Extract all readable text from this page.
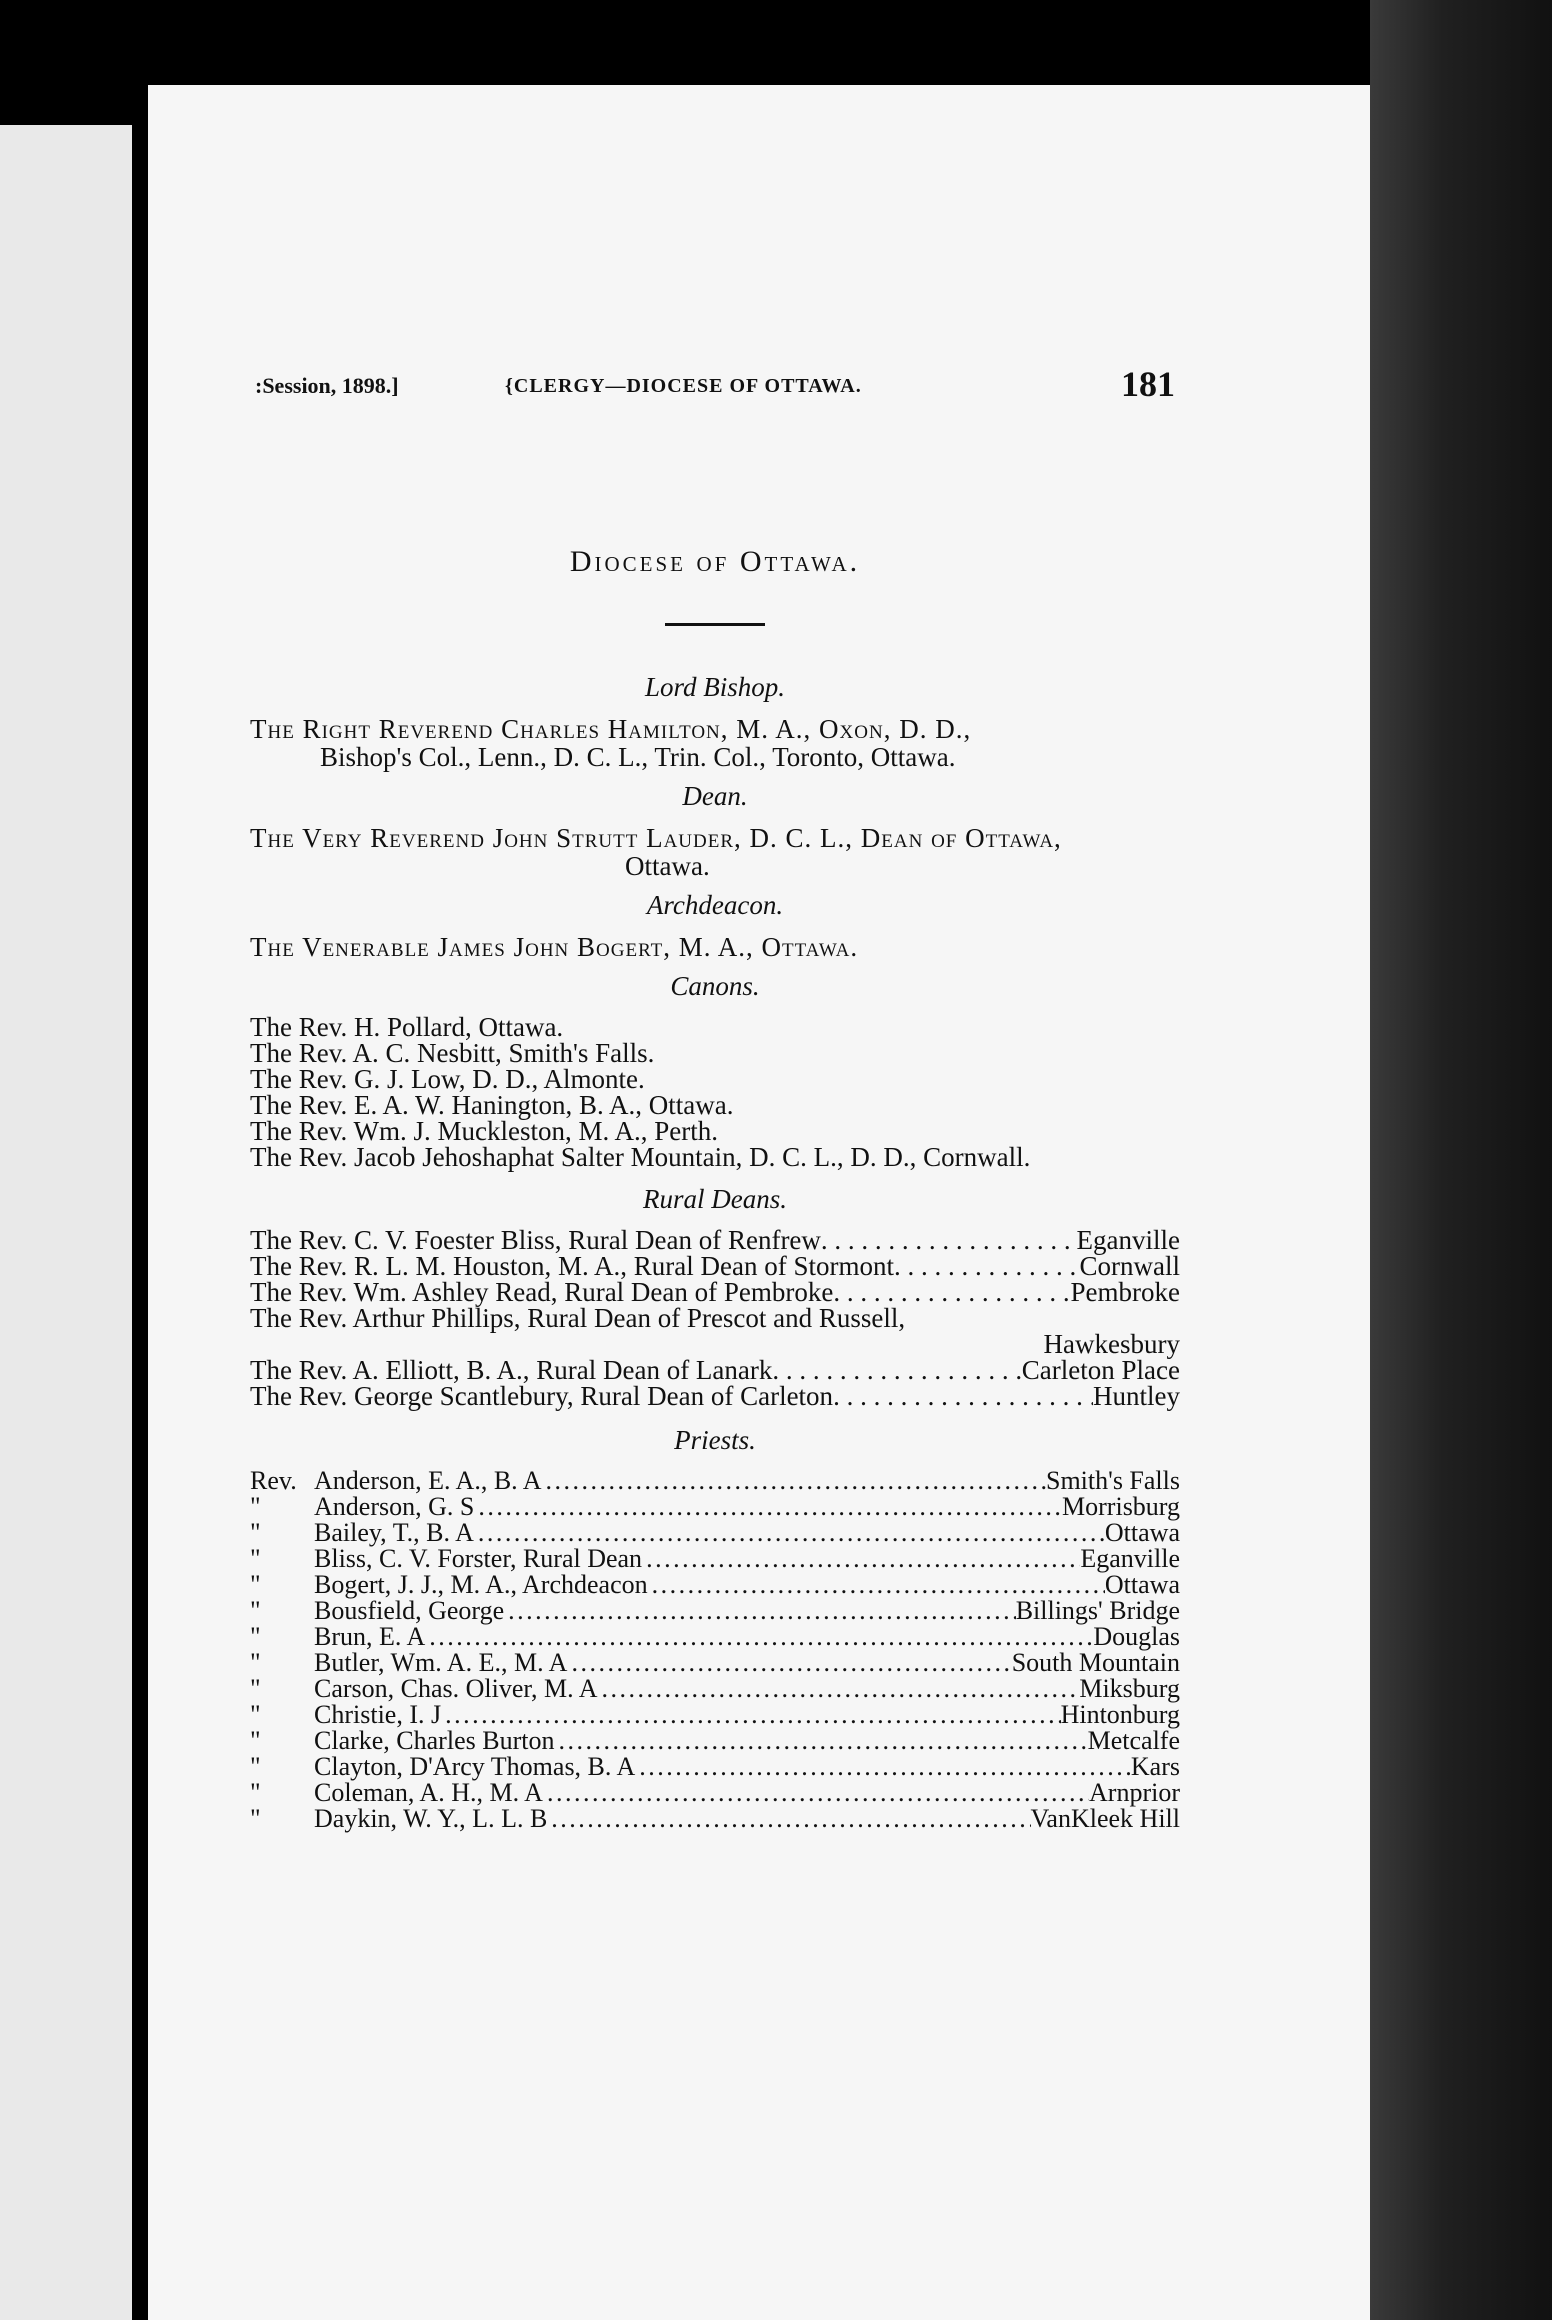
:Session, 1898.]	{CLERGY—DIOCESE OF OTTAWA.	181
Diocese of Ottawa.
Lord Bishop.
The Right Reverend Charles Hamilton, M. A., Oxon, D. D.,
Bishop's Col., Lenn., D. C. L., Trin. Col., Toronto, Ottawa.
Dean.
The Very Reverend John Strutt Lauder, D. C. L., Dean of Ottawa,
Ottawa.
Archdeacon.
The Venerable James John Bogert, M. A., Ottawa.
Canons.
The Rev. H. Pollard, Ottawa.
The Rev. A. C. Nesbitt, Smith's Falls.
The Rev. G. J. Low, D. D., Almonte.
The Rev. E. A. W. Hanington, B. A., Ottawa.
The Rev. Wm. J. Muckleston, M. A., Perth.
The Rev. Jacob Jehoshaphat Salter Mountain, D. C. L., D. D., Cornwall.
Rural Deans.
The Rev. C. V. Foester Bliss, Rural Dean of Renfrew . . .	Eganville
The Rev. R. L. M. Houston, M. A., Rural Dean of Stormont . . .	Cornwall
The Rev. Wm. Ashley Read, Rural Dean of Pembroke . . .	Pembroke
The Rev. Arthur Phillips, Rural Dean of Prescot and Russell,
Hawkesbury
The Rev. A. Elliott, B. A., Rural Dean of Lanark . . .	Carleton Place
The Rev. George Scantlebury, Rural Dean of Carleton . . .	Huntley
Priests.
Rev. Anderson, E. A., B. A . . .	Smith's Falls
"	Anderson, G. S . . .	Morrisburg
"	Bailey, T., B. A . . .	Ottawa
"	Bliss, C. V. Forster, Rural Dean . . .	Eganville
"	Bogert, J. J., M. A., Archdeacon . . .	Ottawa
"	Bousfield, George . . .	Billings' Bridge
"	Brun, E. A . . .	Douglas
"	Butler, Wm. A. E., M. A . . .	South Mountain
"	Carson, Chas. Oliver, M. A . . .	Miksburg
"	Christie, I. J . . .	Hintonburg
"	Clarke, Charles Burton . . .	Metcalfe
"	Clayton, D'Arcy Thomas, B. A . . .	Kars
"	Coleman, A. H., M. A . . .	Arnprior
"	Daykin, W. Y., L. L. B . . .	VanKleek Hill
